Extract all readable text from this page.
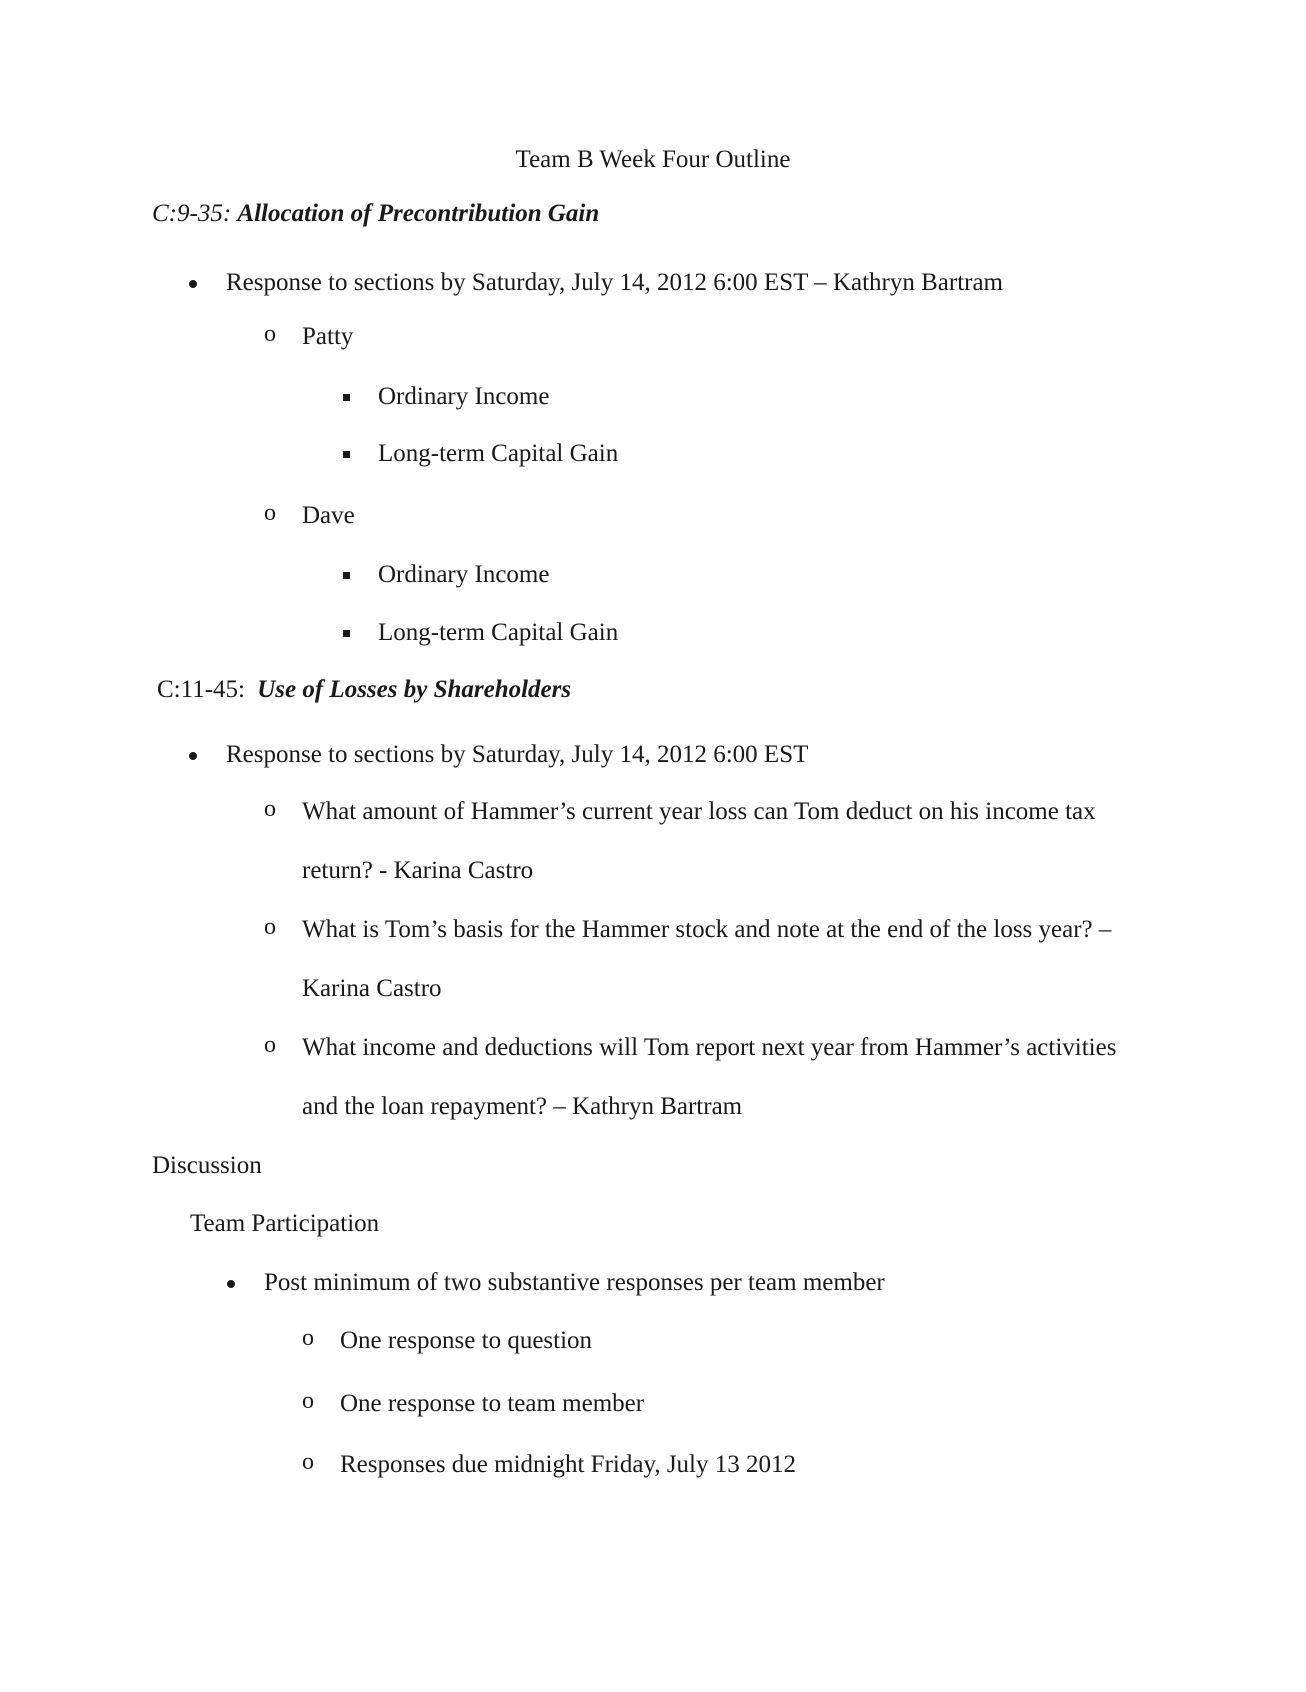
Team B Week Four Outline
C:9-35: Allocation of Precontribution Gain
Response to sections by Saturday, July 14, 2012 6:00 EST – Kathryn Bartram
o Patty
Ordinary Income
Long-term Capital Gain
o Dave
Ordinary Income
Long-term Capital Gain
C:11-45: Use of Losses by Shareholders
Response to sections by Saturday, July 14, 2012 6:00 EST
o What amount of Hammer’s current year loss can Tom deduct on his income tax
return? - Karina Castro
o What is Tom’s basis for the Hammer stock and note at the end of the loss year? –
Karina Castro
o What income and deductions will Tom report next year from Hammer’s activities
and the loan repayment? – Kathryn Bartram
Discussion
Team Participation
Post minimum of two substantive responses per team member
o One response to question
o One response to team member
o Responses due midnight Friday, July 13 2012
